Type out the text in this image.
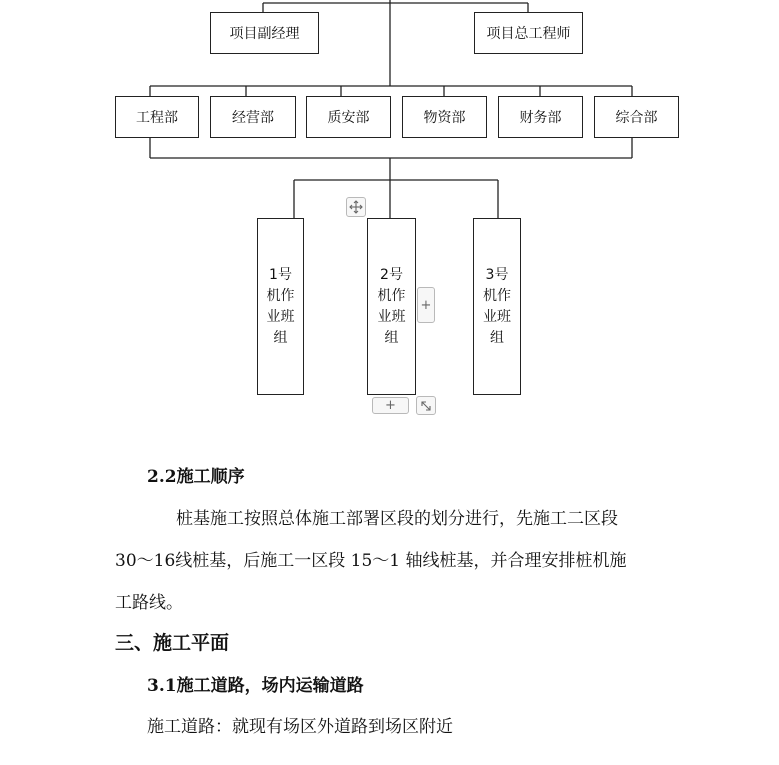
项目副经理	项目总工程师
工程部	经营部	质安部	物资部	财务部	综合部
1号
机作
业班
组
2号
机作
业班
组
3号
机作
业班
组
+
+
2.2施工顺序
桩基施工按照总体施工部署区段的划分进行，先施工二区段
30～16线桩基，后施工一区段 15～1 轴线桩基，并合理安排桩机施
工路线。
三、施工平面
3.1施工道路，场内运输道路
施工道路：就现有场区外道路到场区附近
